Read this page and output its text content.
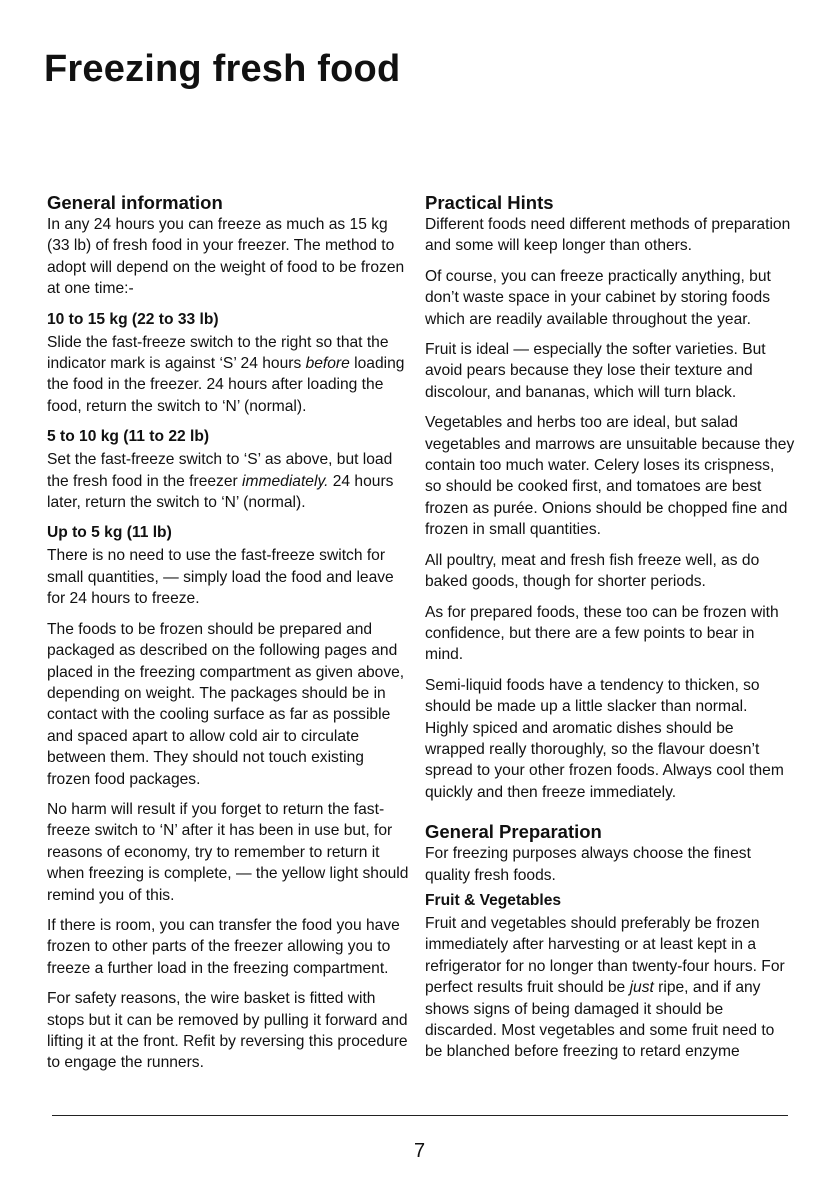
Freezing fresh food
General information

In any 24 hours you can freeze as much as 15 kg (33 lb) of fresh food in your freezer. The method to adopt will depend on the weight of food to be frozen at one time:-

10 to 15 kg (22 to 33 lb)

Slide the fast-freeze switch to the right so that the indicator mark is against ‘S’ 24 hours before loading the food in the freezer. 24 hours after loading the food, return the switch to ‘N’ (normal).

5 to 10 kg (11 to 22 lb)

Set the fast-freeze switch to ‘S’ as above, but load the fresh food in the freezer immediately. 24 hours later, return the switch to ‘N’ (normal).

Up to 5 kg (11 lb)

There is no need to use the fast-freeze switch for small quantities, — simply load the food and leave for 24 hours to freeze.

The foods to be frozen should be prepared and packaged as described on the following pages and placed in the freezing compartment as given above, depending on weight. The packages should be in contact with the cooling surface as far as possible and spaced apart to allow cold air to circulate between them. They should not touch existing frozen food packages.

No harm will result if you forget to return the fast-freeze switch to ‘N’ after it has been in use but, for reasons of economy, try to remember to return it when freezing is complete, — the yellow light should remind you of this.

If there is room, you can transfer the food you have frozen to other parts of the freezer allowing you to freeze a further load in the freezing compartment.

For safety reasons, the wire basket is fitted with stops but it can be removed by pulling it forward and lifting it at the front. Refit by reversing this procedure to engage the runners.

Practical Hints

Different foods need different methods of preparation and some will keep longer than others.

Of course, you can freeze practically anything, but don’t waste space in your cabinet by storing foods which are readily available throughout the year.

Fruit is ideal — especially the softer varieties. But avoid pears because they lose their texture and discolour, and bananas, which will turn black.

Vegetables and herbs too are ideal, but salad vegetables and marrows are unsuitable because they contain too much water. Celery loses its crispness, so should be cooked first, and tomatoes are best frozen as purée. Onions should be chopped fine and frozen in small quantities.

All poultry, meat and fresh fish freeze well, as do baked goods, though for shorter periods.

As for prepared foods, these too can be frozen with confidence, but there are a few points to bear in mind.

Semi-liquid foods have a tendency to thicken, so should be made up a little slacker than normal. Highly spiced and aromatic dishes should be wrapped really thoroughly, so the flavour doesn’t spread to your other frozen foods. Always cool them quickly and then freeze immediately.

General Preparation

For freezing purposes always choose the finest quality fresh foods.

Fruit & Vegetables

Fruit and vegetables should preferably be frozen immediately after harvesting or at least kept in a refrigerator for no longer than twenty-four hours. For perfect results fruit should be just ripe, and if any shows signs of being damaged it should be discarded. Most vegetables and some fruit need to be blanched before freezing to retard enzyme

7
